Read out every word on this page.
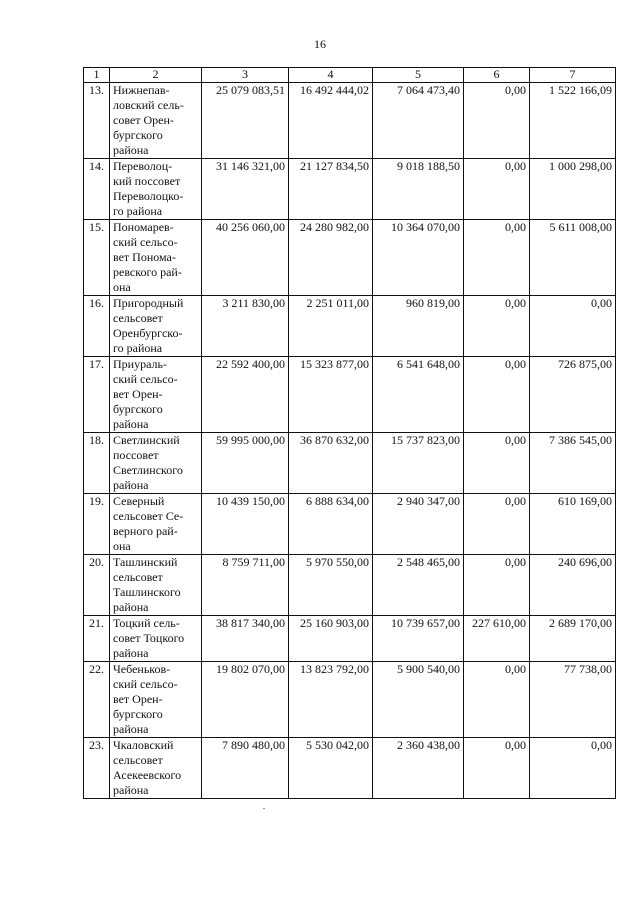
16
1	2	3	4	5	6	7
13.	Нижнепав-
ловский сель-
совет Орен-
бургского
района	25 079 083,51	16 492 444,02	7 064 473,40	0,00	1 522 166,09
14.	Переволоц-
кий поссовет
Переволоцко-
го района	31 146 321,00	21 127 834,50	9 018 188,50	0,00	1 000 298,00
15.	Пономарев-
ский сельсо-
вет Понома-
ревского рай-
она	40 256 060,00	24 280 982,00	10 364 070,00	0,00	5 611 008,00
16.	Пригородный
сельсовет
Оренбургско-
го района	3 211 830,00	2 251 011,00	960 819,00	0,00	0,00
17.	Приураль-
ский сельсо-
вет Орен-
бургского
района	22 592 400,00	15 323 877,00	6 541 648,00	0,00	726 875,00
18.	Светлинский
поссовет
Светлинского
района	59 995 000,00	36 870 632,00	15 737 823,00	0,00	7 386 545,00
19.	Северный
сельсовет Се-
верного рай-
она	10 439 150,00	6 888 634,00	2 940 347,00	0,00	610 169,00
20.	Ташлинский
сельсовет
Ташлинского
района	8 759 711,00	5 970 550,00	2 548 465,00	0,00	240 696,00
21.	Тоцкий сель-
совет Тоцкого
района	38 817 340,00	25 160 903,00	10 739 657,00	227 610,00	2 689 170,00
22.	Чебеньков-
ский сельсо-
вет Орен-
бургского
района	19 802 070,00	13 823 792,00	5 900 540,00	0,00	77 738,00
23.	Чкаловский
сельсовет
Асекеевского
района	7 890 480,00	5 530 042,00	2 360 438,00	0,00	0,00
